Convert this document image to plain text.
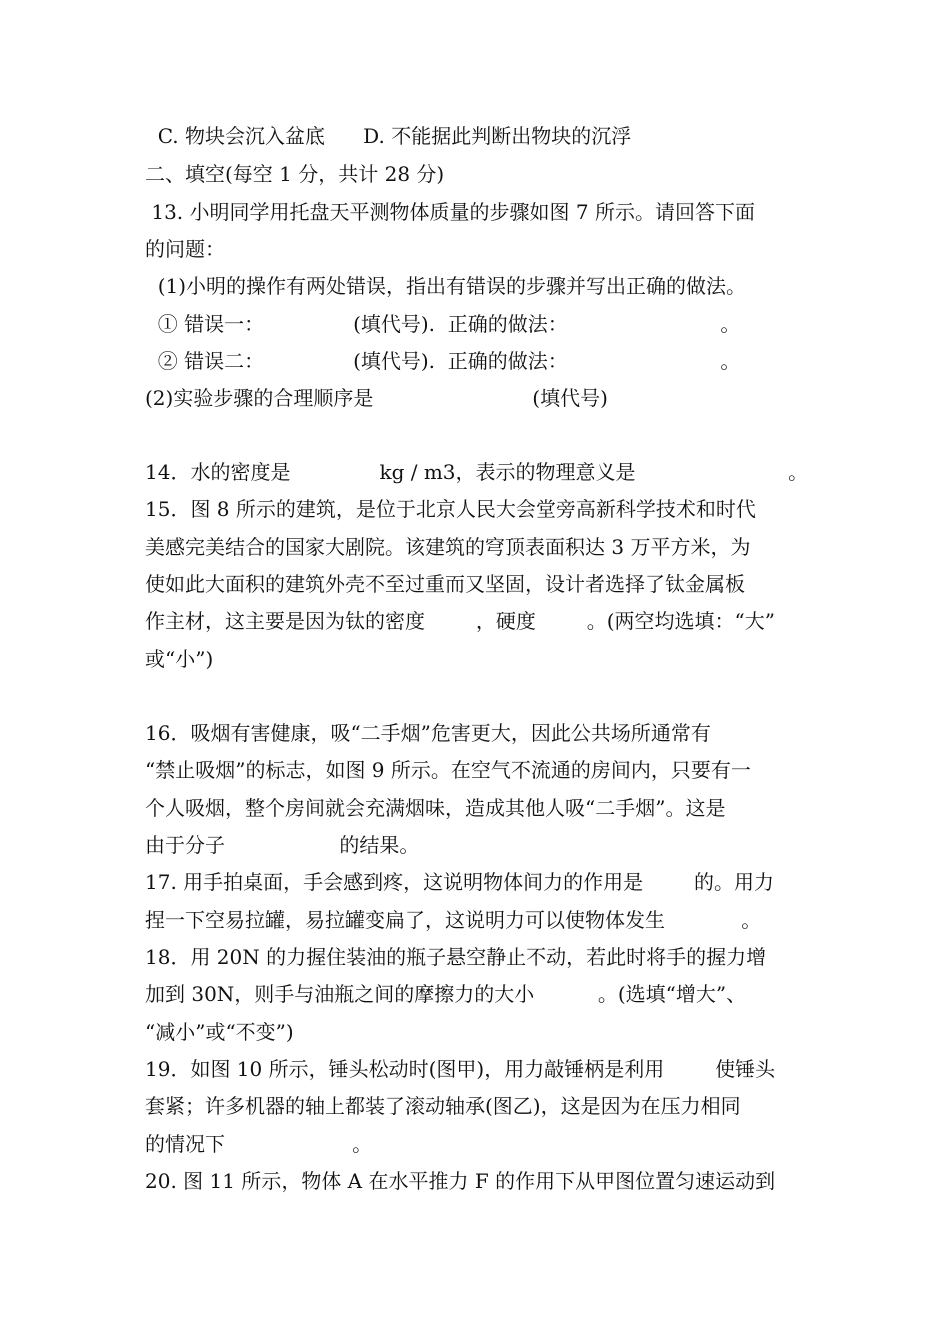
C. 物块会沉入盆底      D. 不能据此判断出物块的沉浮
二、填空(每空 1 分，共计 28 分)
13. 小明同学用托盘天平测物体质量的步骤如图 7 所示。请回答下面
的问题：
(1)小明的操作有两处错误，指出有错误的步骤并写出正确的做法。
① 错误一：              (填代号).  正确的做法：                        。
② 错误二：              (填代号).  正确的做法：                        。
(2)实验步骤的合理顺序是                         (填代号)
14．水的密度是              kg / m3，表示的物理意义是                        。
15．图 8 所示的建筑，是位于北京人民大会堂旁高新科学技术和时代
美感完美结合的国家大剧院。该建筑的穹顶表面积达 3 万平方米，为
使如此大面积的建筑外壳不至过重而又坚固，设计者选择了钛金属板
作主材，这主要是因为钛的密度        ，硬度        。(两空均选填：“大”
或“小”)
16．吸烟有害健康，吸“二手烟”危害更大，因此公共场所通常有
“禁止吸烟”的标志，如图 9 所示。在空气不流通的房间内，只要有一
个人吸烟，整个房间就会充满烟味，造成其他人吸“二手烟”。这是
由于分子                  的结果。
17. 用手拍桌面，手会感到疼，这说明物体间力的作用是        的。用力
捏一下空易拉罐，易拉罐变扁了，这说明力可以使物体发生            。
18．用 20N 的力握住装油的瓶子悬空静止不动，若此时将手的握力增
加到 30N，则手与油瓶之间的摩擦力的大小          。(选填“增大”、
“减小”或“不变”)
19．如图 10 所示，锤头松动时(图甲)，用力敲锤柄是利用        使锤头
套紧；许多机器的轴上都装了滚动轴承(图乙)，这是因为在压力相同
的情况下                    。
20. 图 11 所示，物体 A 在水平推力 F 的作用下从甲图位置匀速运动到
